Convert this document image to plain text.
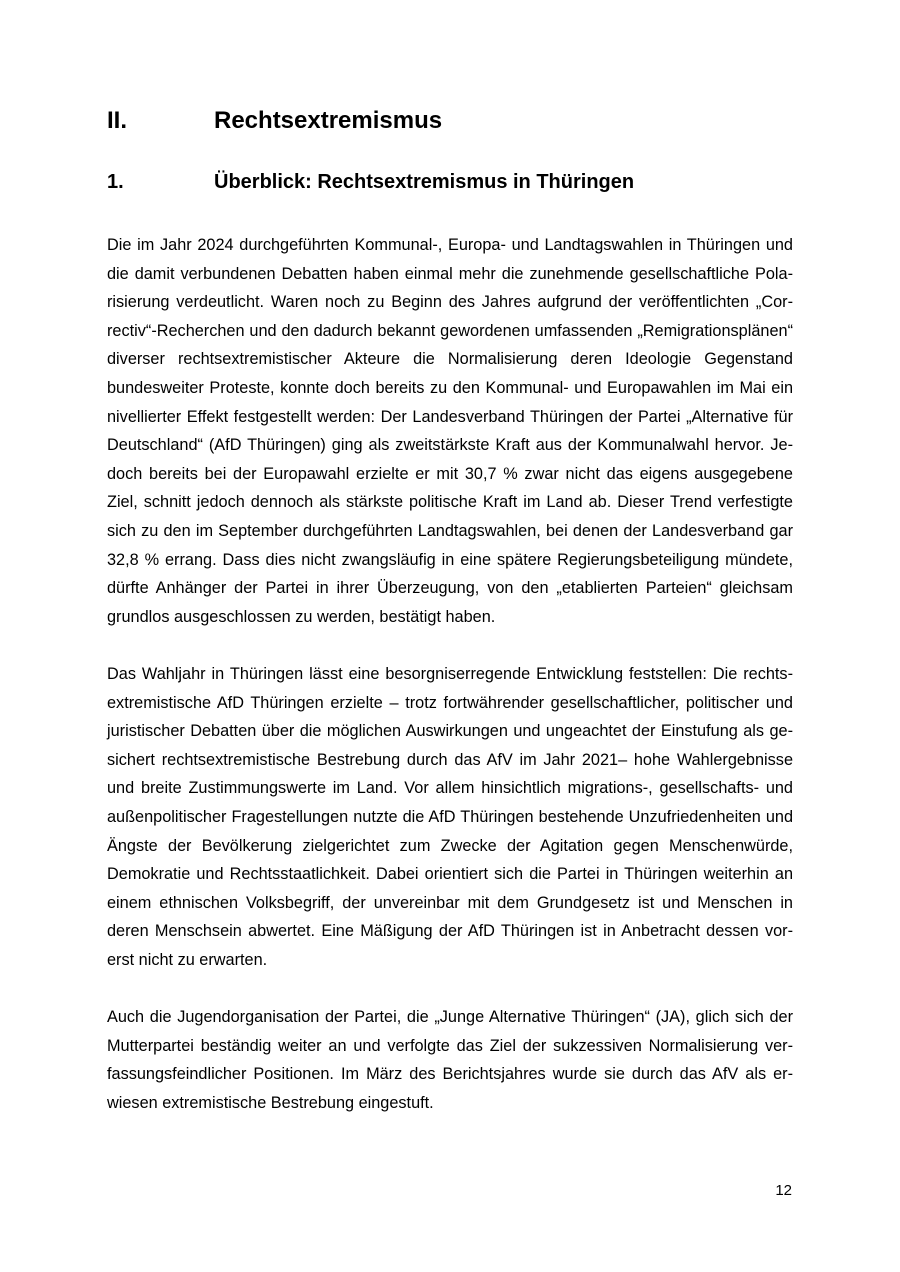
II.	Rechtsextremismus
1.	Überblick: Rechtsextremismus in Thüringen

Die im Jahr 2024 durchgeführten Kommunal-, Europa- und Landtagswahlen in Thüringen und die damit verbundenen Debatten haben einmal mehr die zunehmende gesellschaftliche Polarisierung verdeutlicht. Waren noch zu Beginn des Jahres aufgrund der veröffentlichten „Correctiv“-Recherchen und den dadurch bekannt gewordenen umfassenden „Remigrationsplänen“ diverser rechtsextremistischer Akteure die Normalisierung deren Ideologie Gegenstand bundesweiter Proteste, konnte doch bereits zu den Kommunal- und Europawahlen im Mai ein nivellierter Effekt festgestellt werden: Der Landesverband Thüringen der Partei „Alternative für Deutschland“ (AfD Thüringen) ging als zweitstärkste Kraft aus der Kommunalwahl hervor. Jedoch bereits bei der Europawahl erzielte er mit 30,7 % zwar nicht das eigens ausgegebene Ziel, schnitt jedoch dennoch als stärkste politische Kraft im Land ab. Dieser Trend verfestigte sich zu den im September durchgeführten Landtagswahlen, bei denen der Landesverband gar 32,8 % errang. Dass dies nicht zwangsläufig in eine spätere Regierungsbeteiligung mündete, dürfte Anhänger der Partei in ihrer Überzeugung, von den „etablierten Parteien“ gleichsam grundlos ausgeschlossen zu werden, bestätigt haben.

Das Wahljahr in Thüringen lässt eine besorgniserregende Entwicklung feststellen: Die rechtsextremistische AfD Thüringen erzielte – trotz fortwährender gesellschaftlicher, politischer und juristischer Debatten über die möglichen Auswirkungen und ungeachtet der Einstufung als gesichert rechtsextremistische Bestrebung durch das AfV im Jahr 2021– hohe Wahlergebnisse und breite Zustimmungswerte im Land. Vor allem hinsichtlich migrations-, gesellschafts- und außenpolitischer Fragestellungen nutzte die AfD Thüringen bestehende Unzufriedenheiten und Ängste der Bevölkerung zielgerichtet zum Zwecke der Agitation gegen Menschenwürde, Demokratie und Rechtsstaatlichkeit. Dabei orientiert sich die Partei in Thüringen weiterhin an einem ethnischen Volksbegriff, der unvereinbar mit dem Grundgesetz ist und Menschen in deren Menschsein abwertet. Eine Mäßigung der AfD Thüringen ist in Anbetracht dessen vorerst nicht zu erwarten.

Auch die Jugendorganisation der Partei, die „Junge Alternative Thüringen“ (JA), glich sich der Mutterpartei beständig weiter an und verfolgte das Ziel der sukzessiven Normalisierung verfassungsfeindlicher Positionen. Im März des Berichtsjahres wurde sie durch das AfV als erwiesen extremistische Bestrebung eingestuft.

12
